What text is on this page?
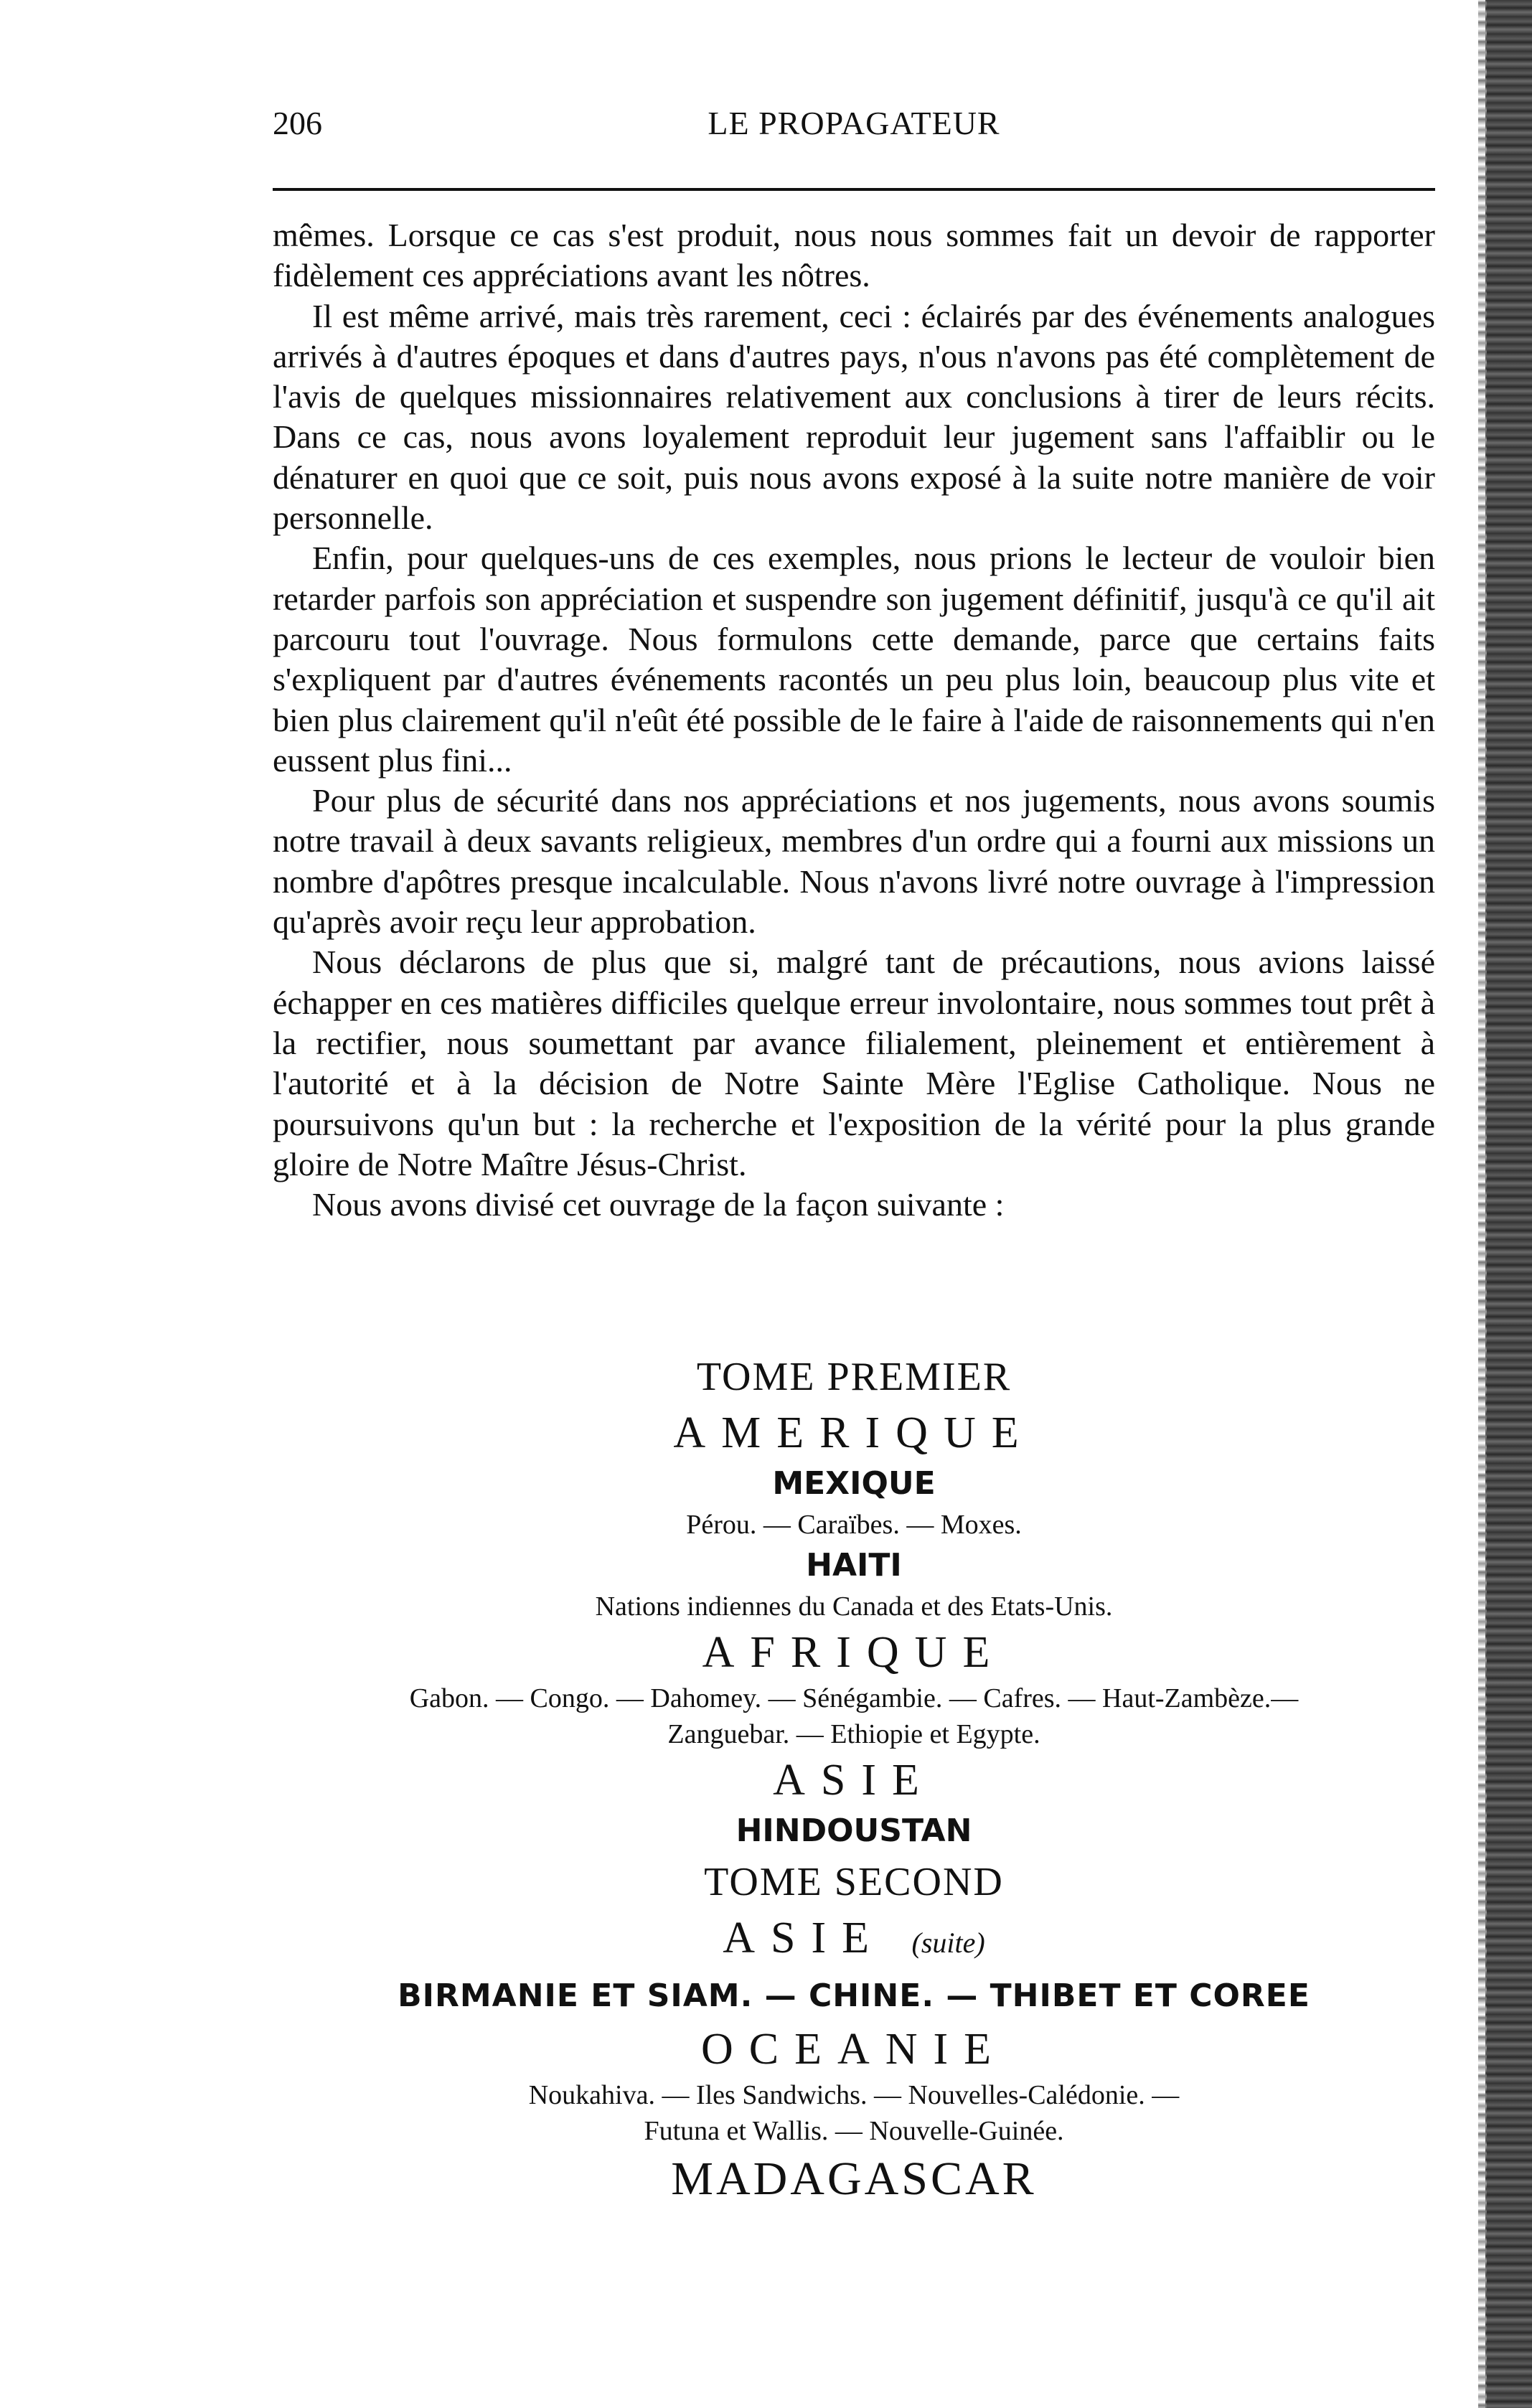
206	LE PROPAGATEUR

mêmes. Lorsque ce cas s'est produit, nous nous sommes fait un devoir de rapporter fidèlement ces appréciations avant les nôtres.

Il est même arrivé, mais très rarement, ceci : éclairés par des événements analogues arrivés à d'autres époques et dans d'autres pays, n'ous n'avons pas été complètement de l'avis de quelques missionnaires relativement aux conclusions à tirer de leurs récits. Dans ce cas, nous avons loyalement reproduit leur jugement sans l'affaiblir ou le dénaturer en quoi que ce soit, puis nous avons exposé à la suite notre manière de voir personnelle.

Enfin, pour quelques-uns de ces exemples, nous prions le lecteur de vouloir bien retarder parfois son appréciation et suspendre son jugement définitif, jusqu'à ce qu'il ait parcouru tout l'ouvrage. Nous formulons cette demande, parce que certains faits s'expliquent par d'autres événements racontés un peu plus loin, beaucoup plus vite et bien plus clairement qu'il n'eût été possible de le faire à l'aide de raisonnements qui n'en eussent plus fini...

Pour plus de sécurité dans nos appréciations et nos jugements, nous avons soumis notre travail à deux savants religieux, membres d'un ordre qui a fourni aux missions un nombre d'apôtres presque incalculable. Nous n'avons livré notre ouvrage à l'impression qu'après avoir reçu leur approbation.

Nous déclarons de plus que si, malgré tant de précautions, nous avions laissé échapper en ces matières difficiles quelque erreur involontaire, nous sommes tout prêt à la rectifier, nous soumettant par avance filialement, pleinement et entièrement à l'autorité et à la décision de Notre Sainte Mère l'Eglise Catholique. Nous ne poursuivons qu'un but : la recherche et l'exposition de la vérité pour la plus grande gloire de Notre Maître Jésus-Christ.

Nous avons divisé cet ouvrage de la façon suivante :

TOME PREMIER
AMERIQUE
MEXIQUE
Pérou. — Caraïbes. — Moxes.
HAITI
Nations indiennes du Canada et des Etats-Unis.
AFRIQUE
Gabon. — Congo. — Dahomey. — Sénégambie. — Cafres. — Haut-Zambèze.—
Zanguebar. — Ethiopie et Egypte.
ASIE
HINDOUSTAN
TOME SECOND
ASIE (suite)
BIRMANIE ET SIAM. — CHINE. — THIBET ET COREE
OCEANIE
Noukahiva. — Iles Sandwichs. — Nouvelles-Calédonie. —
Futuna et Wallis. — Nouvelle-Guinée.
MADAGASCAR
